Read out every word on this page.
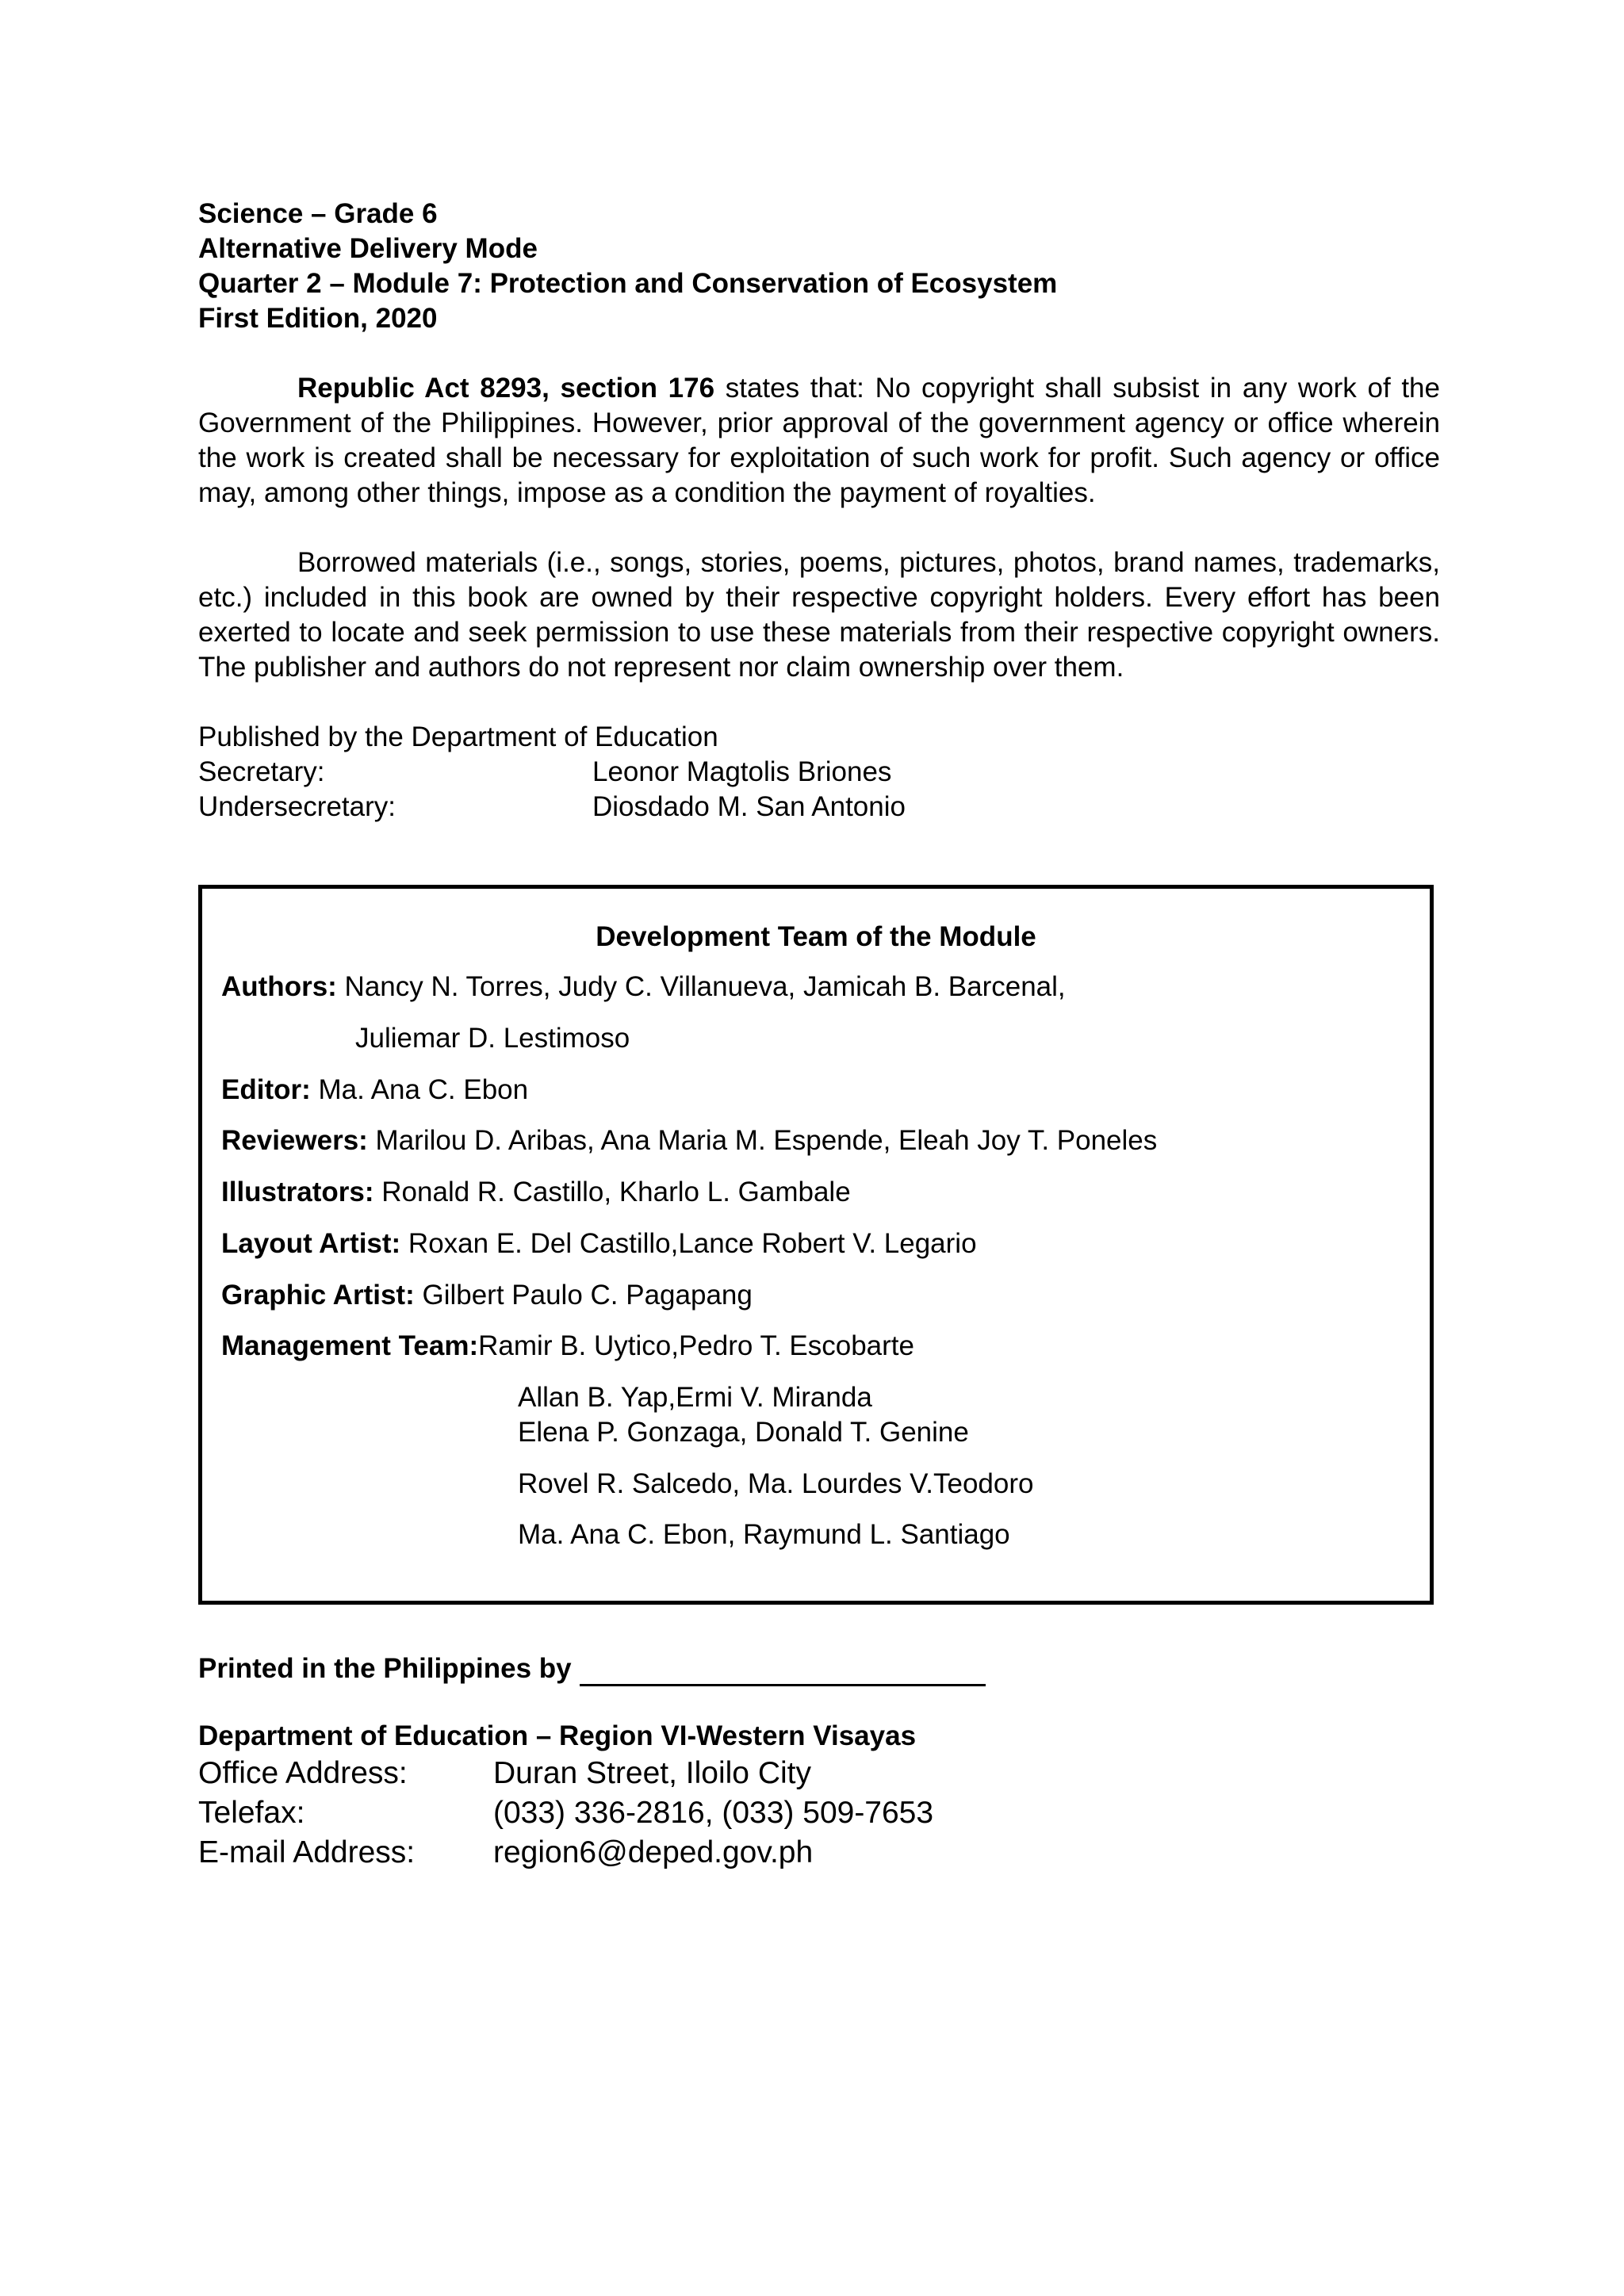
Science – Grade 6
Alternative Delivery Mode
Quarter 2 – Module 7: Protection and Conservation of Ecosystem
First Edition, 2020

Republic Act 8293, section 176 states that: No copyright shall subsist in any work of the Government of the Philippines. However, prior approval of the government agency or office wherein the work is created shall be necessary for exploitation of such work for profit. Such agency or office may, among other things, impose as a condition the payment of royalties.

Borrowed materials (i.e., songs, stories, poems, pictures, photos, brand names, trademarks, etc.) included in this book are owned by their respective copyright holders. Every effort has been exerted to locate and seek permission to use these materials from their respective copyright owners. The publisher and authors do not represent nor claim ownership over them.

Published by the Department of Education
Secretary:	Leonor Magtolis Briones
Undersecretary:	Diosdado M. San Antonio
Development Team of the Module
Authors: Nancy N. Torres, Judy C. Villanueva, Jamicah B. Barcenal,
Juliemar D. Lestimoso
Editor: Ma. Ana C. Ebon
Reviewers: Marilou D. Aribas, Ana Maria M. Espende, Eleah Joy T. Poneles
Illustrators: Ronald R. Castillo, Kharlo L. Gambale
Layout Artist: Roxan E. Del Castillo,Lance Robert V. Legario
Graphic Artist: Gilbert Paulo C. Pagapang
Management Team:Ramir B. Uytico,Pedro T. Escobarte
Allan B. Yap,Ermi V. Miranda
Elena P. Gonzaga, Donald T. Genine
Rovel R. Salcedo, Ma. Lourdes V.Teodoro
Ma. Ana C. Ebon, Raymund L. Santiago
Printed in the Philippines by
Department of Education – Region VI-Western Visayas
Office Address:	Duran Street, Iloilo City
Telefax:	(033) 336-2816, (033) 509-7653
E-mail Address:	region6@deped.gov.ph
